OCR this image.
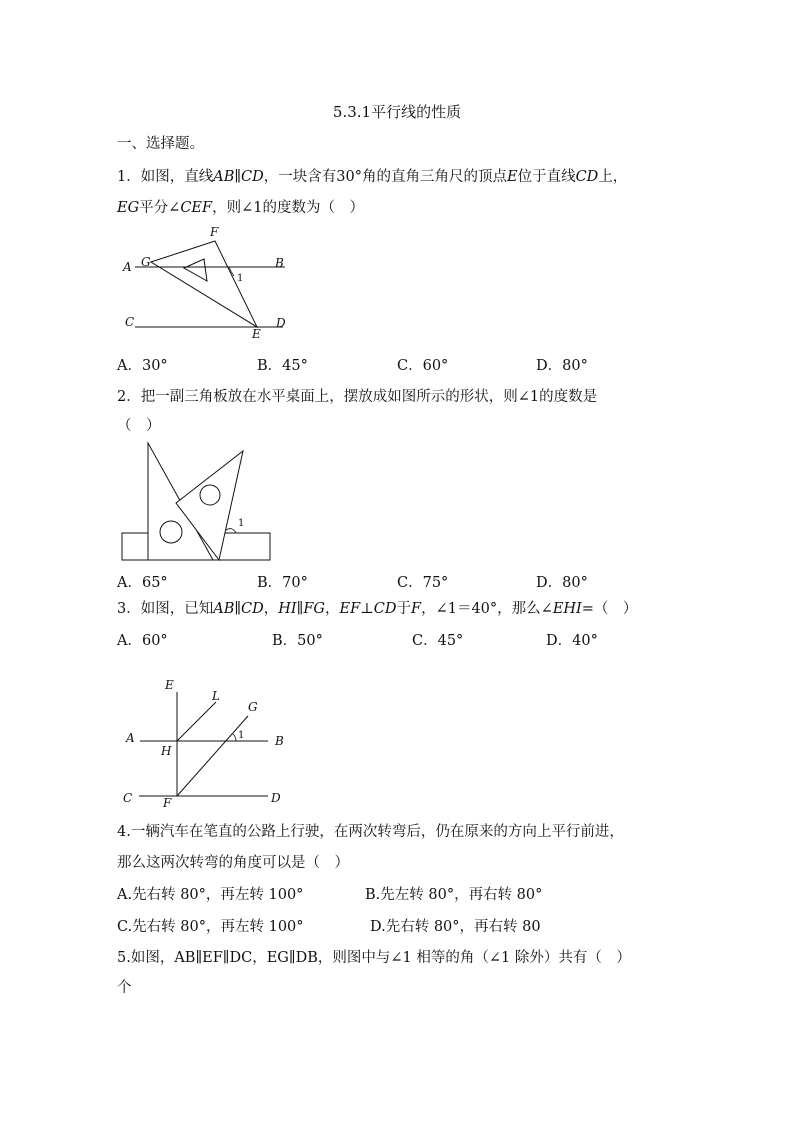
5.3.1平行线的性质
一、选择题。
1．如图，直线AB∥CD，一块含有30°角的直角三角尺的顶点E位于直线CD上，
EG平分∠CEF，则∠1的度数为（　）
A	B
C	D
E
F
G
1
A．30°	B．45°	C．60°	D．80°
2．把一副三角板放在水平桌面上，摆放成如图所示的形状，则∠1的度数是
（　）
1
A．65°	B．70°	C．75°	D．80°
3．如图，已知AB∥CD，HI∥FG，EF⊥CD于F，∠1＝40°，那么∠EHI=（　）
A．60°	B．50°	C．45°	D．40°
E
L
G
A	B
H
1
C	F	D
4.一辆汽车在笔直的公路上行驶，在两次转弯后，仍在原来的方向上平行前进，
那么这两次转弯的角度可以是（　）
A.先右转 80°，再左转 100°	B.先左转 80°，再右转 80°
C.先右转 80°，再左转 100°	D.先右转 80°，再右转 80
5.如图，AB∥EF∥DC，EG∥DB，则图中与∠1 相等的角（∠1 除外）共有（　）
个
